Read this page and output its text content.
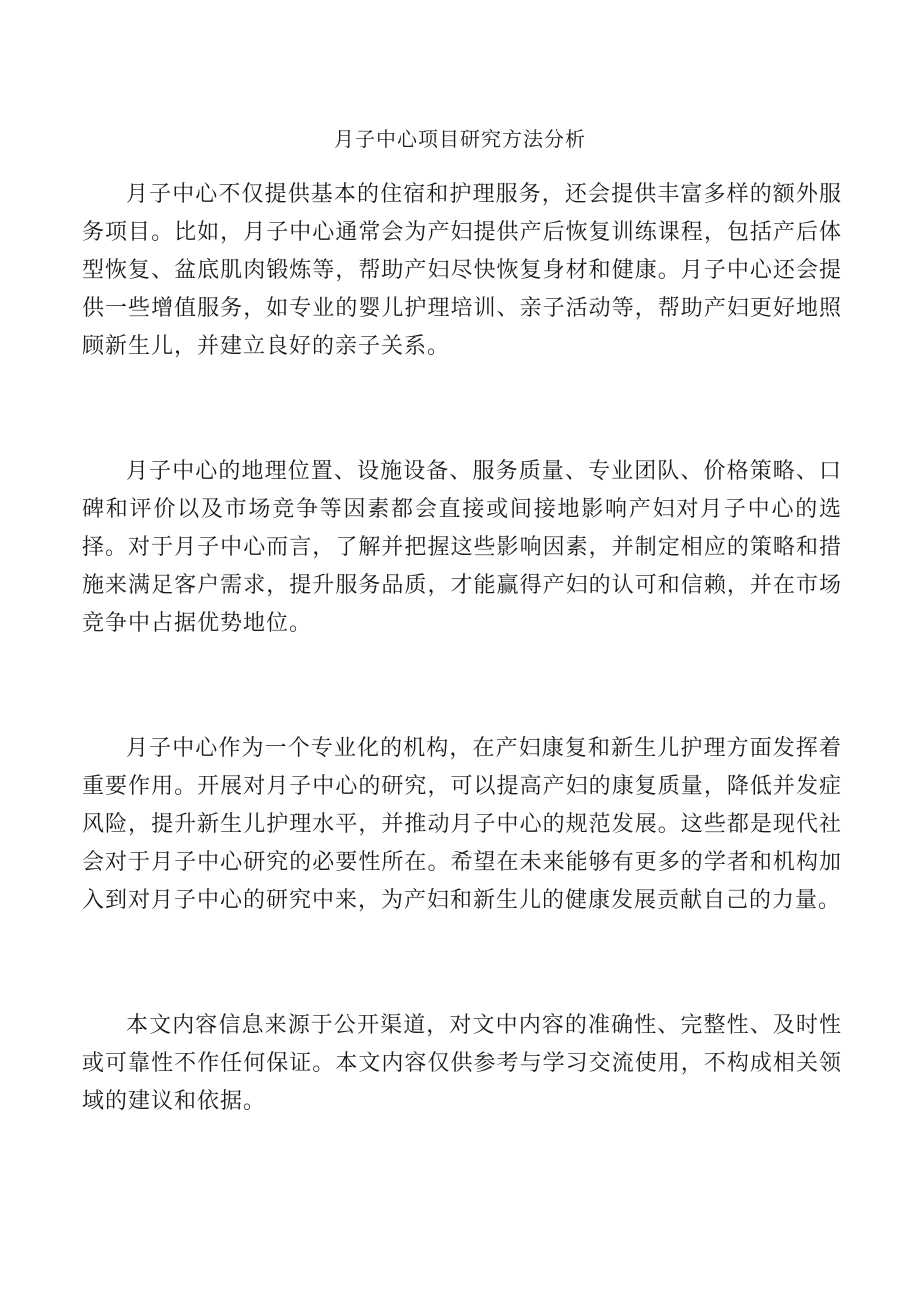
月子中心项目研究方法分析

月子中心不仅提供基本的住宿和护理服务，还会提供丰富多样的额外服务项目。比如，月子中心通常会为产妇提供产后恢复训练课程，包括产后体型恢复、盆底肌肉锻炼等，帮助产妇尽快恢复身材和健康。月子中心还会提供一些增值服务，如专业的婴儿护理培训、亲子活动等，帮助产妇更好地照顾新生儿，并建立良好的亲子关系。

月子中心的地理位置、设施设备、服务质量、专业团队、价格策略、口碑和评价以及市场竞争等因素都会直接或间接地影响产妇对月子中心的选择。对于月子中心而言，了解并把握这些影响因素，并制定相应的策略和措施来满足客户需求，提升服务品质，才能赢得产妇的认可和信赖，并在市场竞争中占据优势地位。

月子中心作为一个专业化的机构，在产妇康复和新生儿护理方面发挥着重要作用。开展对月子中心的研究，可以提高产妇的康复质量，降低并发症风险，提升新生儿护理水平，并推动月子中心的规范发展。这些都是现代社会对于月子中心研究的必要性所在。希望在未来能够有更多的学者和机构加入到对月子中心的研究中来，为产妇和新生儿的健康发展贡献自己的力量。

本文内容信息来源于公开渠道，对文中内容的准确性、完整性、及时性或可靠性不作任何保证。本文内容仅供参考与学习交流使用，不构成相关领域的建议和依据。
